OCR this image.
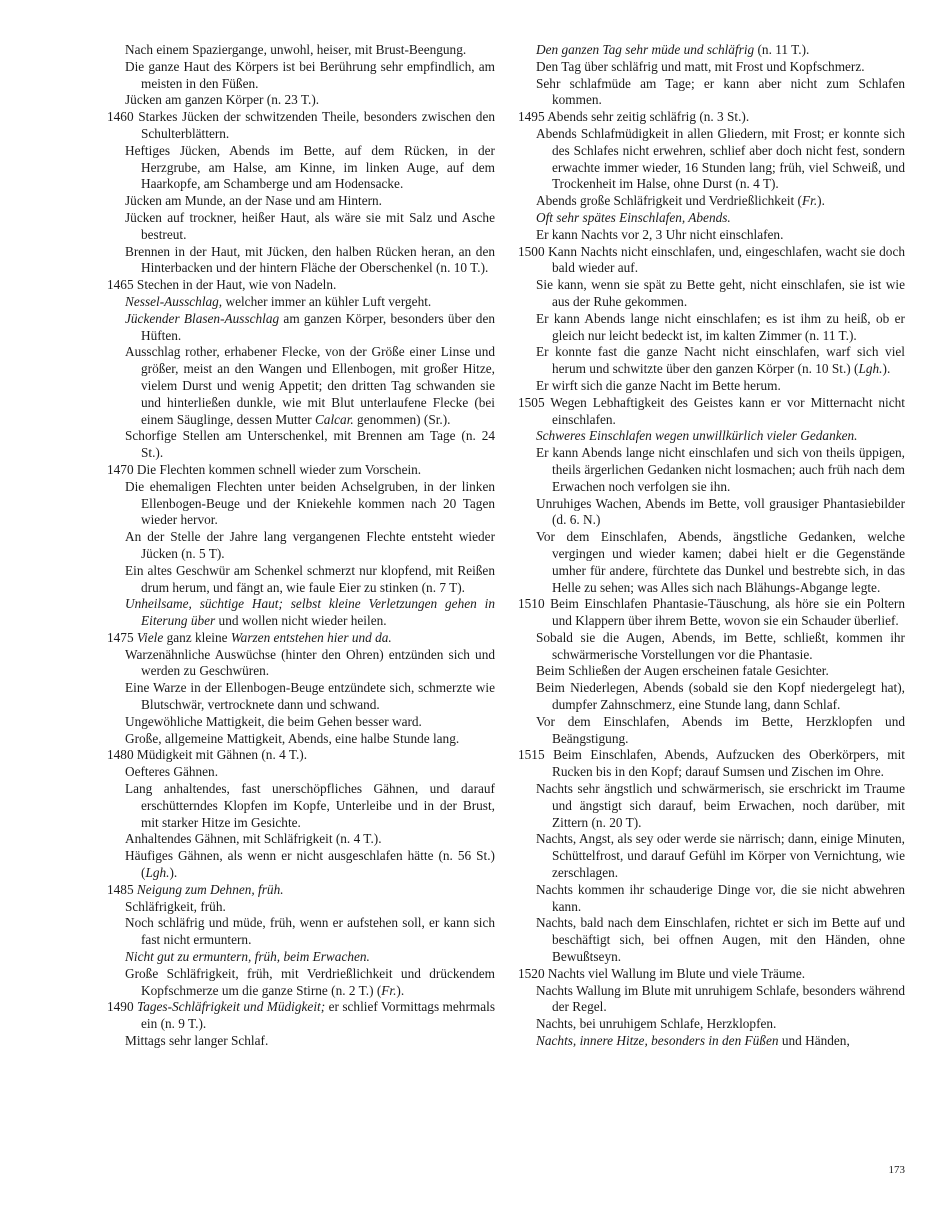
Nach einem Spaziergange, unwohl, heiser, mit Brust-Beengung.
Die ganze Haut des Körpers ist bei Berührung sehr empfindlich, am meisten in den Füßen.
Jücken am ganzen Körper (n. 23 T.).
1460 Starkes Jücken der schwitzenden Theile, besonders zwischen den Schulterblättern.
Heftiges Jücken, Abends im Bette, auf dem Rücken, in der Herzgrube, am Halse, am Kinne, im linken Auge, auf dem Haarkopfe, am Schamberge und am Hodensacke.
Jücken am Munde, an der Nase und am Hintern.
Jücken auf trockner, heißer Haut, als wäre sie mit Salz und Asche bestreut.
Brennen in der Haut, mit Jücken, den halben Rücken heran, an den Hinterbacken und der hintern Fläche der Oberschenkel (n. 10 T.).
1465 Stechen in der Haut, wie von Nadeln.
Nessel-Ausschlag, welcher immer an kühler Luft vergeht.
Jückender Blasen-Ausschlag am ganzen Körper, besonders über den Hüften.
Ausschlag rother, erhabener Flecke, von der Größe einer Linse und größer, meist an den Wangen und Ellenbogen, mit großer Hitze, vielem Durst und wenig Appetit; den dritten Tag schwanden sie und hinterließen dunkle, wie mit Blut unterlaufene Flecke (bei einem Säuglinge, dessen Mutter Calcar. genommen) (Sr.).
Schorfige Stellen am Unterschenkel, mit Brennen am Tage (n. 24 St.).
1470 Die Flechten kommen schnell wieder zum Vorschein.
Die ehemaligen Flechten unter beiden Achselgruben, in der linken Ellenbogen-Beuge und der Kniekehle kommen nach 20 Tagen wieder hervor.
An der Stelle der Jahre lang vergangenen Flechte entsteht wieder Jücken (n. 5 T).
Ein altes Geschwür am Schenkel schmerzt nur klopfend, mit Reißen drum herum, und fängt an, wie faule Eier zu stinken (n. 7 T).
Unheilsame, süchtige Haut; selbst kleine Verletzungen gehen in Eiterung über und wollen nicht wieder heilen.
1475 Viele ganz kleine Warzen entstehen hier und da.
Warzenähnliche Auswüchse (hinter den Ohren) entzünden sich und werden zu Geschwüren.
Eine Warze in der Ellenbogen-Beuge entzündete sich, schmerzte wie Blutschwär, vertrocknete dann und schwand.
Ungewöhliche Mattigkeit, die beim Gehen besser ward.
Große, allgemeine Mattigkeit, Abends, eine halbe Stunde lang.
1480 Müdigkeit mit Gähnen (n. 4 T.).
Oefteres Gähnen.
Lang anhaltendes, fast unerschöpfliches Gähnen, und darauf erschütterndes Klopfen im Kopfe, Unterleibe und in der Brust, mit starker Hitze im Gesichte.
Anhaltendes Gähnen, mit Schläfrigkeit (n. 4 T.).
Häufiges Gähnen, als wenn er nicht ausgeschlafen hätte (n. 56 St.) (Lgh.).
1485 Neigung zum Dehnen, früh.
Schläfrigkeit, früh.
Noch schläfrig und müde, früh, wenn er aufstehen soll, er kann sich fast nicht ermuntern.
Nicht gut zu ermuntern, früh, beim Erwachen.
Große Schläfrigkeit, früh, mit Verdrießlichkeit und drückendem Kopfschmerze um die ganze Stirne (n. 2 T.) (Fr.).
1490 Tages-Schläfrigkeit und Müdigkeit; er schlief Vormittags mehrmals ein (n. 9 T.).
Mittags sehr langer Schlaf.
Den ganzen Tag sehr müde und schläfrig (n. 11 T.).
Den Tag über schläfrig und matt, mit Frost und Kopfschmerz.
Sehr schlafmüde am Tage; er kann aber nicht zum Schlafen kommen.
1495 Abends sehr zeitig schläfrig (n. 3 St.).
Abends Schlafmüdigkeit in allen Gliedern, mit Frost; er konnte sich des Schlafes nicht erwehren, schlief aber doch nicht fest, sondern erwachte immer wieder, 16 Stunden lang; früh, viel Schweiß, und Trockenheit im Halse, ohne Durst (n. 4 T).
Abends große Schläfrigkeit und Verdrießlichkeit (Fr.).
Oft sehr spätes Einschlafen, Abends.
Er kann Nachts vor 2, 3 Uhr nicht einschlafen.
1500 Kann Nachts nicht einschlafen, und, eingeschlafen, wacht sie doch bald wieder auf.
Sie kann, wenn sie spät zu Bette geht, nicht einschlafen, sie ist wie aus der Ruhe gekommen.
Er kann Abends lange nicht einschlafen; es ist ihm zu heiß, ob er gleich nur leicht bedeckt ist, im kalten Zimmer (n. 11 T.).
Er konnte fast die ganze Nacht nicht einschlafen, warf sich viel herum und schwitzte über den ganzen Körper (n. 10 St.) (Lgh.).
Er wirft sich die ganze Nacht im Bette herum.
1505 Wegen Lebhaftigkeit des Geistes kann er vor Mitternacht nicht einschlafen.
Schweres Einschlafen wegen unwillkürlich vieler Gedanken.
Er kann Abends lange nicht einschlafen und sich von theils üppigen, theils ärgerlichen Gedanken nicht losmachen; auch früh nach dem Erwachen noch verfolgen sie ihn.
Unruhiges Wachen, Abends im Bette, voll grausiger Phantasiebilder (d. 6. N.)
Vor dem Einschlafen, Abends, ängstliche Gedanken, welche vergingen und wieder kamen; dabei hielt er die Gegenstände umher für andere, fürchtete das Dunkel und bestrebte sich, in das Helle zu sehen; was Alles sich nach Blähungs-Abgange legte.
1510 Beim Einschlafen Phantasie-Täuschung, als höre sie ein Poltern und Klappern über ihrem Bette, wovon sie ein Schauder überlief.
Sobald sie die Augen, Abends, im Bette, schließt, kommen ihr schwärmerische Vorstellungen vor die Phantasie.
Beim Schließen der Augen erscheinen fatale Gesichter.
Beim Niederlegen, Abends (sobald sie den Kopf niedergelegt hat), dumpfer Zahnschmerz, eine Stunde lang, dann Schlaf.
Vor dem Einschlafen, Abends im Bette, Herzklopfen und Beängstigung.
1515 Beim Einschlafen, Abends, Aufzucken des Oberkörpers, mit Rucken bis in den Kopf; darauf Sumsen und Zischen im Ohre.
Nachts sehr ängstlich und schwärmerisch, sie erschrickt im Traume und ängstigt sich darauf, beim Erwachen, noch darüber, mit Zittern (n. 20 T).
Nachts, Angst, als sey oder werde sie närrisch; dann, einige Minuten, Schüttelfrost, und darauf Gefühl im Körper von Vernichtung, wie zerschlagen.
Nachts kommen ihr schauderige Dinge vor, die sie nicht abwehren kann.
Nachts, bald nach dem Einschlafen, richtet er sich im Bette auf und beschäftigt sich, bei offnen Augen, mit den Händen, ohne Bewußtseyn.
1520 Nachts viel Wallung im Blute und viele Träume.
Nachts Wallung im Blute mit unruhigem Schlafe, besonders während der Regel.
Nachts, bei unruhigem Schlafe, Herzklopfen.
Nachts, innere Hitze, besonders in den Füßen und Händen,
173
